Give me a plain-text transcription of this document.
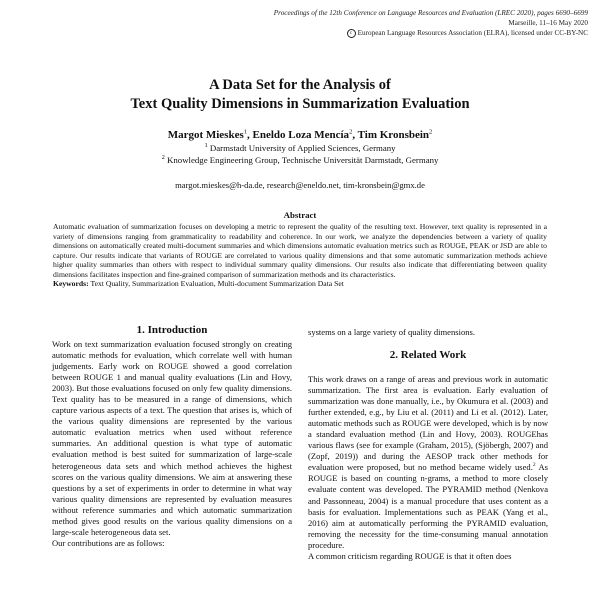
Proceedings of the 12th Conference on Language Resources and Evaluation (LREC 2020), pages 6690–6699
Marseille, 11–16 May 2020
c European Language Resources Association (ELRA), licensed under CC-BY-NC
A Data Set for the Analysis of
Text Quality Dimensions in Summarization Evaluation
Margot Mieskes$^1$, Eneldo Loza Mencía$^2$, Tim Kronsbein$^2$
$^1$ Darmstadt University of Applied Sciences, Germany
$^2$ Knowledge Engineering Group, Technische Universität Darmstadt, Germany
margot.mieskes@h-da.de, research@eneldo.net, tim-kronsbein@gmx.de
Abstract

Automatic evaluation of summarization focuses on developing a metric to represent the quality of the resulting text. However, text quality is represented in a variety of dimensions ranging from grammaticality to readability and coherence. In our work, we analyze the dependencies between a variety of quality dimensions on automatically created multi-document summaries and which dimensions automatic evaluation metrics such as ROUGE, PEAK or JSD are able to capture. Our results indicate that variants of ROUGE are correlated to various quality dimensions and that some automatic summarization methods achieve higher quality summaries than others with respect to individual summary quality dimensions. Our results also indicate that differentiating between quality dimensions facilitates inspection and fine-grained comparison of summarization methods and its characteristics.

Keywords: Text Quality, Summarization Evaluation, Multi-document Summarization Data Set

1. Introduction

Work on text summarization evaluation focused strongly on creating automatic methods for evaluation, which correlate well with human judgements. Early work on ROUGE showed a good correlation between ROUGE 1 and manual quality evaluations (Lin and Hovy, 2003). But those evaluations focused on only few quality dimensions. Text quality has to be measured in a range of dimensions, which capture various aspects of a text. The question that arises is, which of the various quality dimensions are represented by the various automatic evaluation metrics when used without reference summaries. An additional question is what type of automatic evaluation method is best suited for summarization of large-scale heterogeneous data sets and which method achieves the highest scores on the various quality dimensions. We aim at answering these questions by a set of experiments in order to determine in what way various quality dimensions are represented by evaluation measures without reference summaries and which automatic summarization method gives good results on the various quality dimensions on a large-scale heterogeneous data set.

Our contributions are as follows:

systems on a large variety of quality dimensions.
2. Related Work

This work draws on a range of areas and previous work in automatic summarization. The first area is evaluation. Early evaluation of summarization was done manually, i.e., by Okumura et al. (2003) and further extended, e.g., by Liu et al. (2011) and Li et al. (2012). Later, automatic methods such as ROUGE were developed, which is by now a standard evaluation method (Lin and Hovy, 2003). ROUGEhas various flaws (see for example (Graham, 2015), (Sjöbergh, 2007) and (Zopf, 2019)) and during the AESOP track other methods for evaluation were proposed, but no method became widely used.$^2$ As ROUGE is based on counting n-grams, a method to more closely evaluate content was developed. The PYRAMID method (Nenkova and Passonneau, 2004) is a manual procedure that uses content as a basis for evaluation. Implementations such as PEAK (Yang et al., 2016) aim at automatically performing the PYRAMID evaluation, removing the necessity for the time-consuming manual annotation procedure.

A common criticism regarding ROUGE is that it often does
